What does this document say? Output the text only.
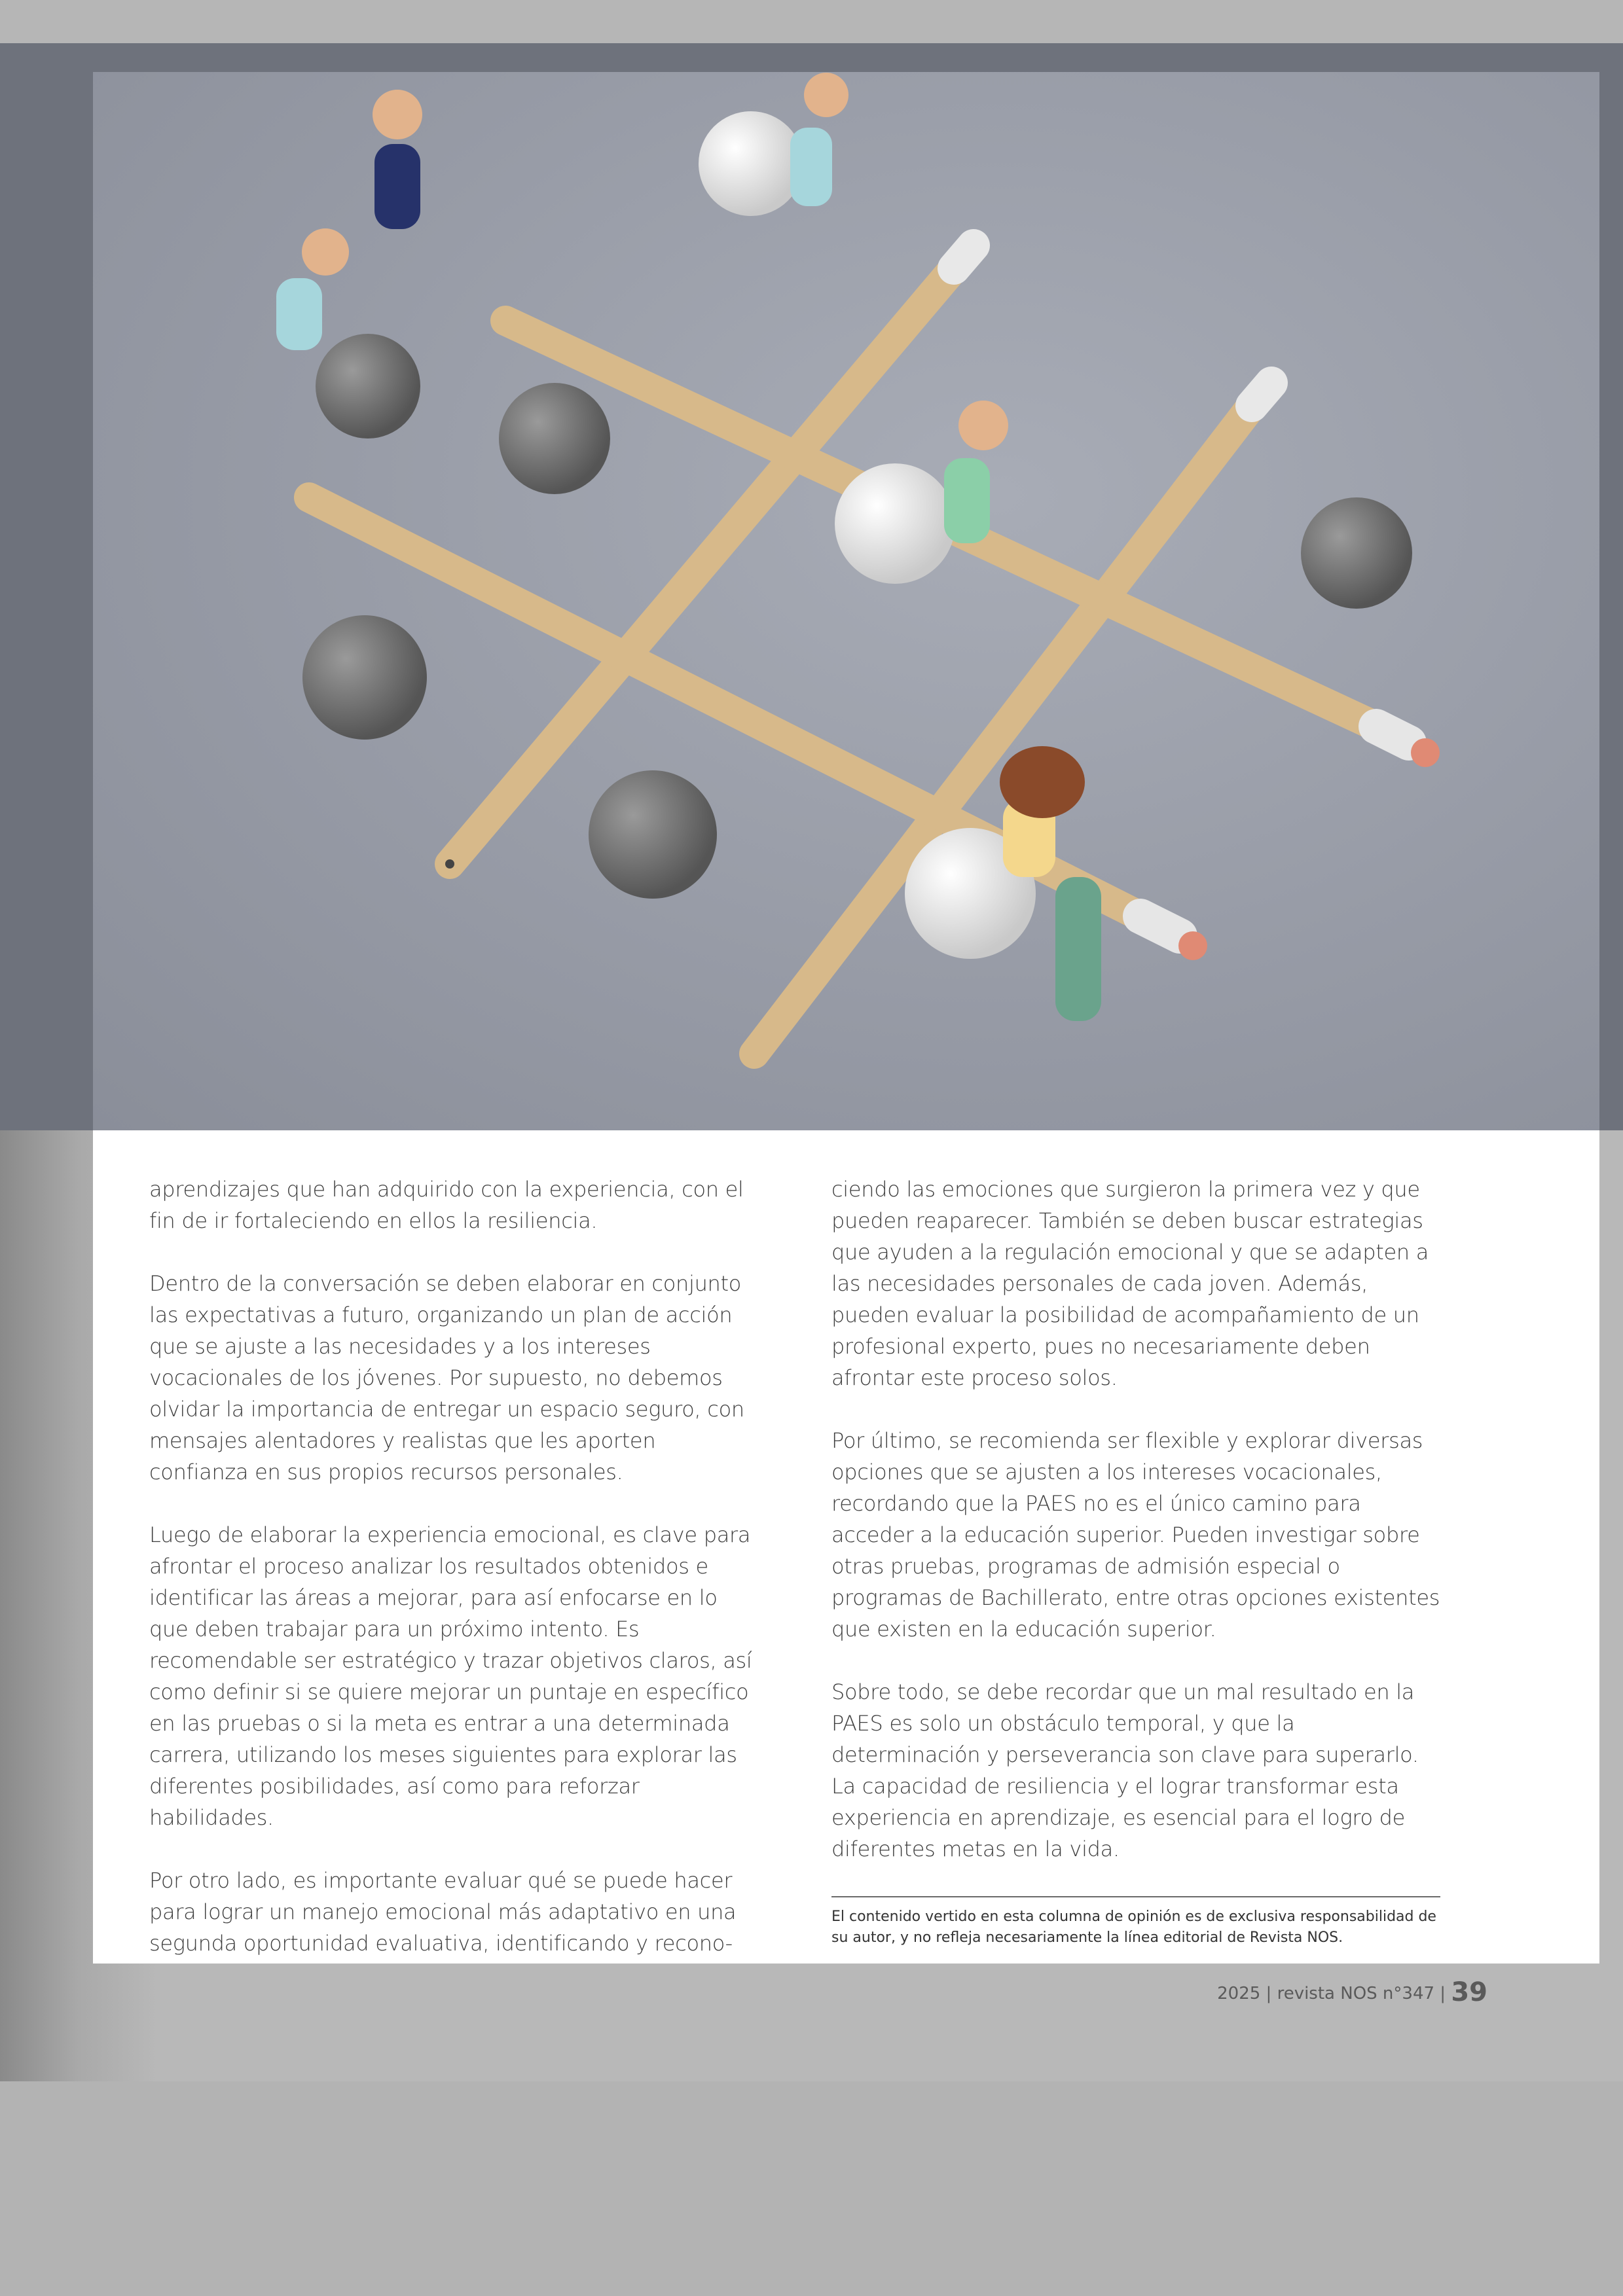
aprendizajes que han adquirido con la experiencia, con el fin de ir fortaleciendo en ellos la resiliencia.

Dentro de la conversación se deben elaborar en conjunto las expectativas a futuro, organizando un plan de acción que se ajuste a las necesidades y a los intereses vocacionales de los jóvenes. Por supuesto, no debemos olvidar la importancia de entregar un espacio seguro, con mensajes alentadores y realistas que les aporten confianza en sus propios recursos personales.

Luego de elaborar la experiencia emocional, es clave para afrontar el proceso analizar los resultados obtenidos e identificar las áreas a mejorar, para así enfocarse en lo que deben trabajar para un próximo intento. Es recomendable ser estratégico y trazar objetivos claros, así como definir si se quiere mejorar un puntaje en específico en las pruebas o si la meta es entrar a una determinada carrera, utilizando los meses siguientes para explorar las diferentes posibilidades, así como para reforzar habilidades.

Por otro lado, es importante evaluar qué se puede hacer para lograr un manejo emocional más adaptativo en una segunda oportunidad evaluativa, identificando y recono-

ciendo las emociones que surgieron la primera vez y que pueden reaparecer. También se deben buscar estrategias que ayuden a la regulación emocional y que se adapten a las necesidades personales de cada joven. Además, pueden evaluar la posibilidad de acompañamiento de un profesional experto, pues no necesariamente deben afrontar este proceso solos.

Por último, se recomienda ser flexible y explorar diversas opciones que se ajusten a los intereses vocacionales, recordando que la PAES no es el único camino para acceder a la educación superior. Pueden investigar sobre otras pruebas, programas de admisión especial o programas de Bachillerato, entre otras opciones existentes que existen en la educación superior.

Sobre todo, se debe recordar que un mal resultado en la PAES es solo un obstáculo temporal, y que la determinación y perseverancia son clave para superarlo. La capacidad de resiliencia y el lograr transformar esta experiencia en aprendizaje, es esencial para el logro de diferentes metas en la vida.

El contenido vertido en esta columna de opinión es de exclusiva responsabilidad de su autor, y no refleja necesariamente la línea editorial de Revista NOS.
2025 | revista NOS n°347 | 39
